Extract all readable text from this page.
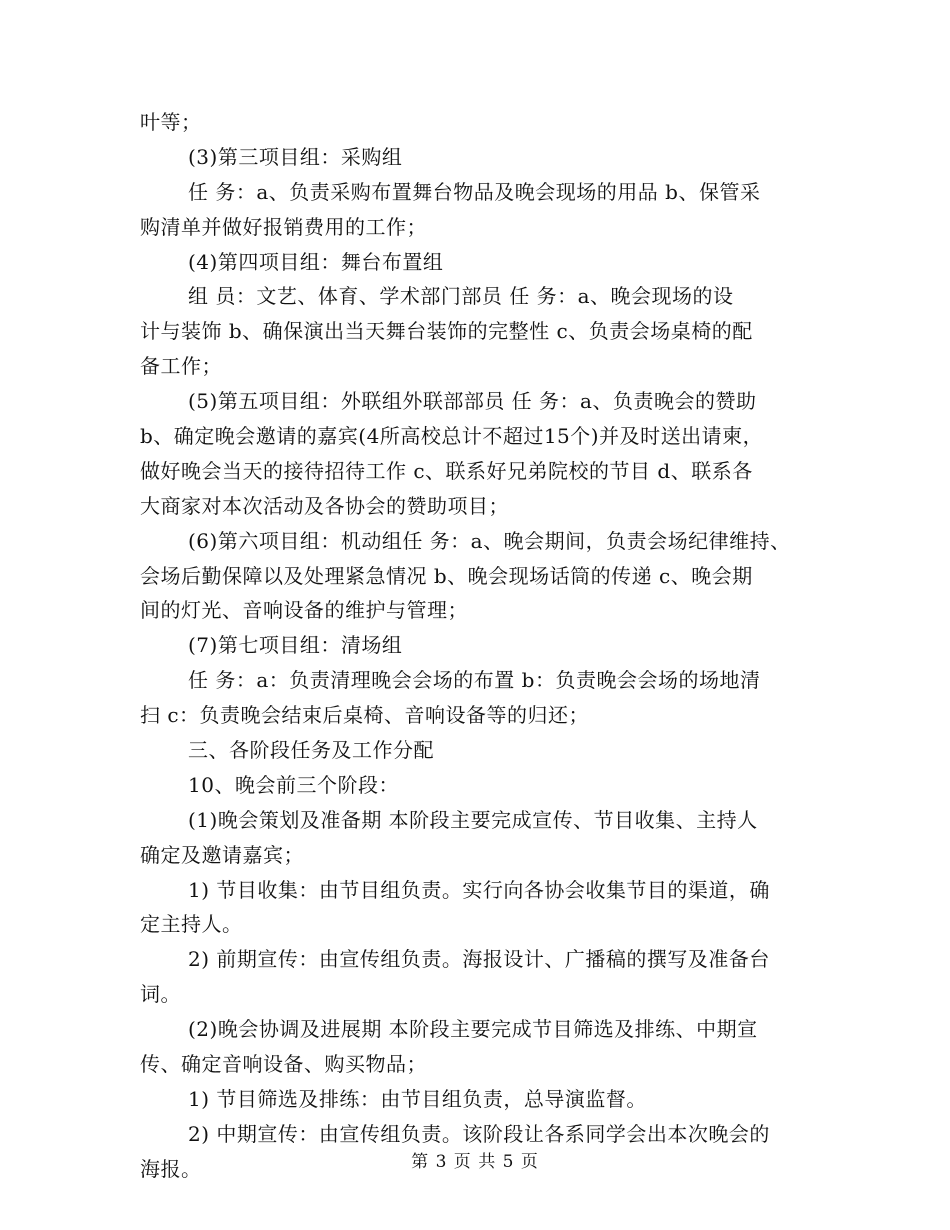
叶等；
(3)第三项目组：采购组
任 务：a、负责采购布置舞台物品及晚会现场的用品 b、保管采
购清单并做好报销费用的工作；
(4)第四项目组：舞台布置组
组 员：文艺、体育、学术部门部员 任 务：a、晚会现场的设
计与装饰 b、确保演出当天舞台装饰的完整性 c、负责会场桌椅的配
备工作；
(5)第五项目组：外联组外联部部员 任 务：a、负责晚会的赞助
b、确定晚会邀请的嘉宾(4所高校总计不超过15个)并及时送出请柬，
做好晚会当天的接待招待工作 c、联系好兄弟院校的节目 d、联系各
大商家对本次活动及各协会的赞助项目；
(6)第六项目组：机动组任 务：a、晚会期间，负责会场纪律维持、
会场后勤保障以及处理紧急情况 b、晚会现场话筒的传递 c、晚会期
间的灯光、音响设备的维护与管理；
(7)第七项目组：清场组
任 务：a：负责清理晚会会场的布置 b：负责晚会会场的场地清
扫 c：负责晚会结束后桌椅、音响设备等的归还；
三、各阶段任务及工作分配
10、晚会前三个阶段：
(1)晚会策划及准备期 本阶段主要完成宣传、节目收集、主持人
确定及邀请嘉宾；
1) 节目收集：由节目组负责。实行向各协会收集节目的渠道，确
定主持人。
2) 前期宣传：由宣传组负责。海报设计、广播稿的撰写及准备台
词。
(2)晚会协调及进展期 本阶段主要完成节目筛选及排练、中期宣
传、确定音响设备、购买物品；
1) 节目筛选及排练：由节目组负责，总导演监督。
2) 中期宣传：由宣传组负责。该阶段让各系同学会出本次晚会的
海报。	第 3 页 共 5 页
